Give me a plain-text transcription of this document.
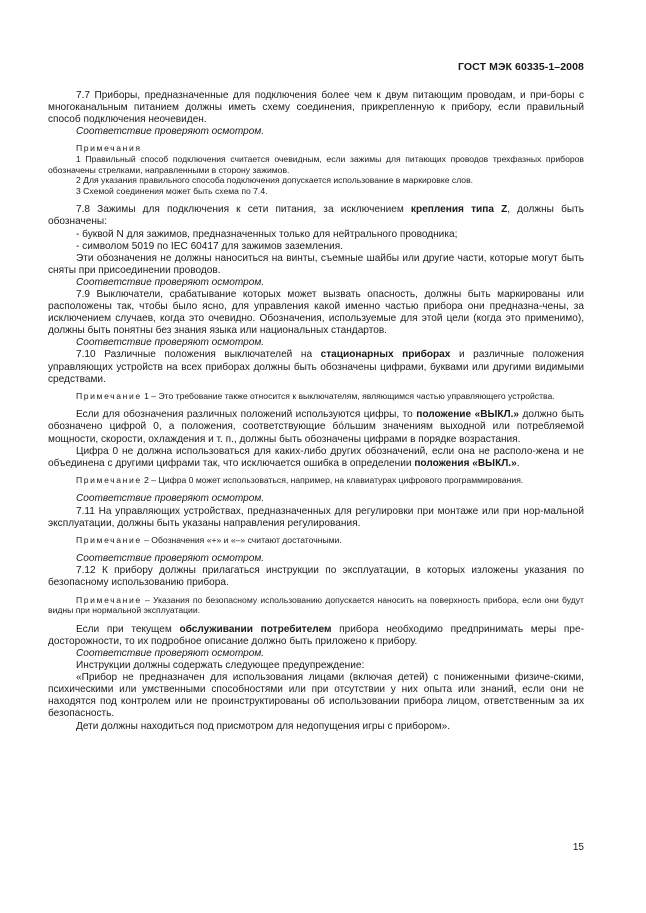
ГОСТ МЭК 60335-1–2008

7.7 Приборы, предназначенные для подключения более чем к двум питающим проводам, и при-боры с многоканальным питанием должны иметь схему соединения, прикрепленную к прибору, если правильный способ подключения неочевиден.

Соответствие проверяют осмотром.

Примечания

1 Правильный способ подключения считается очевидным, если зажимы для питающих проводов трехфазных приборов обозначены стрелками, направленными в сторону зажимов.

2 Для указания правильного способа подключения допускается использование в маркировке слов.

3 Схемой соединения может быть схема по 7.4.

7.8 Зажимы для подключения к сети питания, за исключением крепления типа Z, должны быть обозначены:

- буквой N для зажимов, предназначенных только для нейтрального проводника;

- символом 5019 по IEC 60417 для зажимов заземления.

Эти обозначения не должны наноситься на винты, съемные шайбы или другие части, которые могут быть сняты при присоединении проводов.

Соответствие проверяют осмотром.

7.9 Выключатели, срабатывание которых может вызвать опасность, должны быть маркированы или расположены так, чтобы было ясно, для управления какой именно частью прибора они предназна-чены, за исключением случаев, когда это очевидно. Обозначения, используемые для этой цели (когда это применимо), должны быть понятны без знания языка или национальных стандартов.

Соответствие проверяют осмотром.

7.10 Различные положения выключателей на стационарных приборах и различные положения управляющих устройств на всех приборах должны быть обозначены цифрами, буквами или другими видимыми средствами.

Примечание 1 – Это требование также относится к выключателям, являющимся частью управляющего устройства.

Если для обозначения различных положений используются цифры, то положение «ВЫКЛ.» должно быть обозначено цифрой 0, а положения, соответствующие бóльшим значениям выходной или потребляемой мощности, скорости, охлаждения и т. п., должны быть обозначены цифрами в порядке возрастания.

Цифра 0 не должна использоваться для каких-либо других обозначений, если она не располо-жена и не объединена c другими цифрами так, что исключается ошибка в определении положения «ВЫКЛ.».

Примечание 2 – Цифра 0 может использоваться, например, на клавиатурах цифрового программирования.

Соответствие проверяют осмотром.

7.11 На управляющих устройствах, предназначенных для регулировки при монтаже или при нор-мальной эксплуатации, должны быть указаны направления регулирования.

Примечание – Обозначения «+» и «–» считают достаточными.

Соответствие проверяют осмотром.

7.12 К прибору должны прилагаться инструкции по эксплуатации, в которых изложены указания по безопасному использованию прибора.

Примечание – Указания по безопасному использованию допускается наносить на поверхность прибора, если они будут видны при нормальной эксплуатации.

Если при текущем обслуживании потребителем прибора необходимо предпринимать меры пре-досторожности, то их подробное описание должно быть приложено к прибору.

Соответствие проверяют осмотром.

Инструкции должны содержать следующее предупреждение:

«Прибор не предназначен для использования лицами (включая детей) с пониженными физиче-скими, психическими или умственными способностями или при отсутствии у них опыта или знаний, если они не находятся под контролем или не проинструктированы об использовании прибора лицом, ответственным за их безопасность.

Дети должны находиться под присмотром для недопущения игры с прибором».

15
